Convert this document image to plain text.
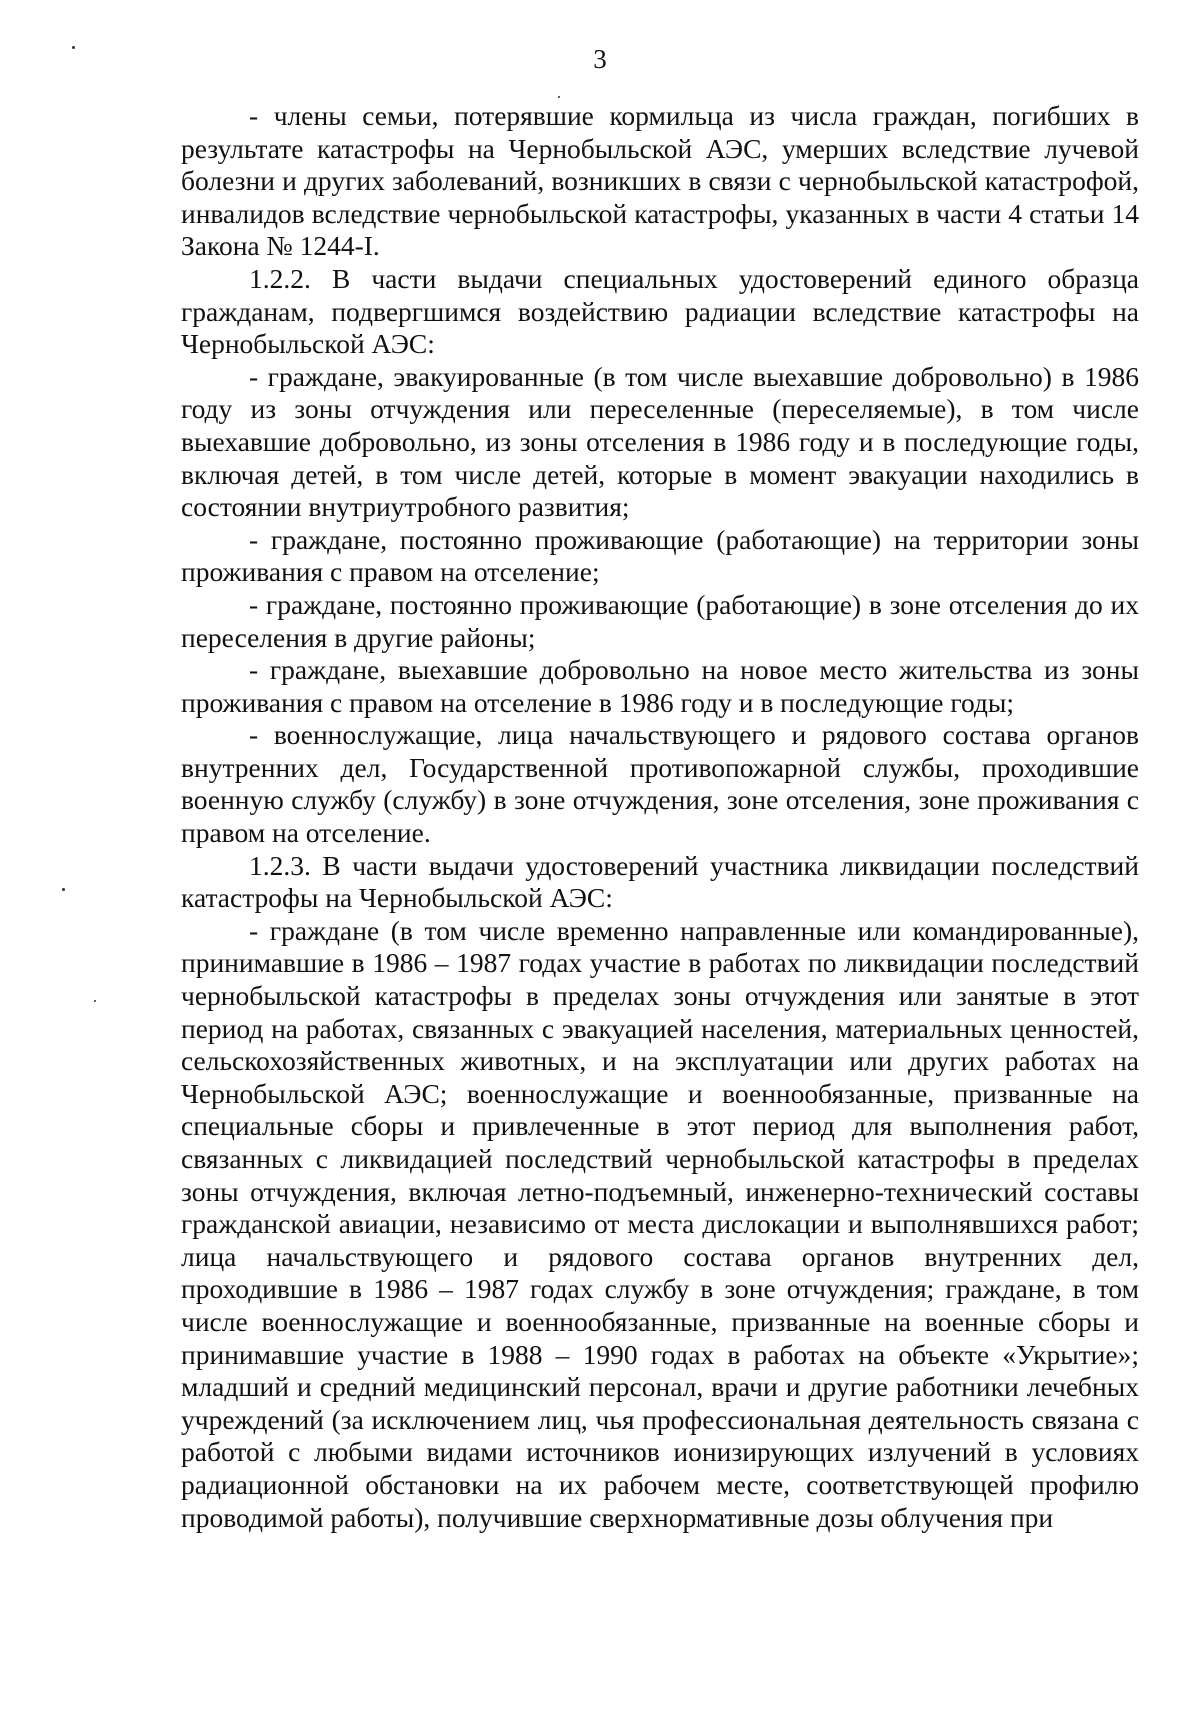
3

- члены семьи, потерявшие кормильца из числа граждан, погибших в результате катастрофы на Чернобыльской АЭС, умерших вследствие лучевой болезни и других заболеваний, возникших в связи с чернобыльской катастрофой, инвалидов вследствие чернобыльской катастрофы, указанных в части 4 статьи 14 Закона № 1244-I.

1.2.2. В части выдачи специальных удостоверений единого образца гражданам, подвергшимся воздействию радиации вследствие катастрофы на Чернобыльской АЭС:

- граждане, эвакуированные (в том числе выехавшие добровольно) в 1986 году из зоны отчуждения или переселенные (переселяемые), в том числе выехавшие добровольно, из зоны отселения в 1986 году и в последующие годы, включая детей, в том числе детей, которые в момент эвакуации находились в состоянии внутриутробного развития;

- граждане, постоянно проживающие (работающие) на территории зоны проживания с правом на отселение;

- граждане, постоянно проживающие (работающие) в зоне отселения до их переселения в другие районы;

- граждане, выехавшие добровольно на новое место жительства из зоны проживания с правом на отселение в 1986 году и в последующие годы;

- военнослужащие, лица начальствующего и рядового состава органов внутренних дел, Государственной противопожарной службы, проходившие военную службу (службу) в зоне отчуждения, зоне отселения, зоне проживания с правом на отселение.

1.2.3. В части выдачи удостоверений участника ликвидации последствий катастрофы на Чернобыльской АЭС:

- граждане (в том числе временно направленные или командированные), принимавшие в 1986 – 1987 годах участие в работах по ликвидации последствий чернобыльской катастрофы в пределах зоны отчуждения или занятые в этот период на работах, связанных с эвакуацией населения, материальных ценностей, сельскохозяйственных животных, и на эксплуатации или других работах на Чернобыльской АЭС; военнослужащие и военнообязанные, призванные на специальные сборы и привлеченные в этот период для выполнения работ, связанных с ликвидацией последствий чернобыльской катастрофы в пределах зоны отчуждения, включая летно-подъемный, инженерно-технический составы гражданской авиации, независимо от места дислокации и выполнявшихся работ; лица начальствующего и рядового состава органов внутренних дел, проходившие в 1986 – 1987 годах службу в зоне отчуждения; граждане, в том числе военнослужащие и военнообязанные, призванные на военные сборы и принимавшие участие в 1988 – 1990 годах в работах на объекте «Укрытие»; младший и средний медицинский персонал, врачи и другие работники лечебных учреждений (за исключением лиц, чья профессиональная деятельность связана с работой с любыми видами источников ионизирующих излучений в условиях радиационной обстановки на их рабочем месте, соответствующей профилю проводимой работы), получившие сверхнормативные дозы облучения при
